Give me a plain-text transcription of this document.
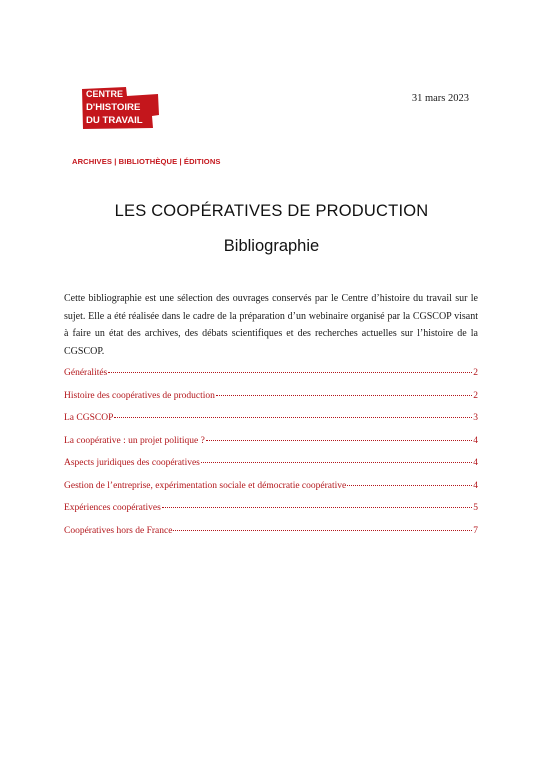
CENTRE
D'HISTOIRE
DU TRAVAIL
31 mars 2023
ARCHIVES | BIBLIOTHÈQUE | ÉDITIONS
LES COOPÉRATIVES DE PRODUCTION
Bibliographie

Cette bibliographie est une sélection des ouvrages conservés par le Centre d’histoire du travail sur le sujet. Elle a été réalisée dans le cadre de la préparation d’un webinaire organisé par la CGSCOP visant à faire un état des archives, des débats scientifiques et des recherches actuelles sur l’histoire de la CGSCOP.

Généralités	2
Histoire des coopératives de production	2
La CGSCOP	3
La coopérative : un projet politique ?	4
Aspects juridiques des coopératives	4
Gestion de l’entreprise, expérimentation sociale et démocratie coopérative	4
Expériences coopératives	5
Coopératives hors de France	7
